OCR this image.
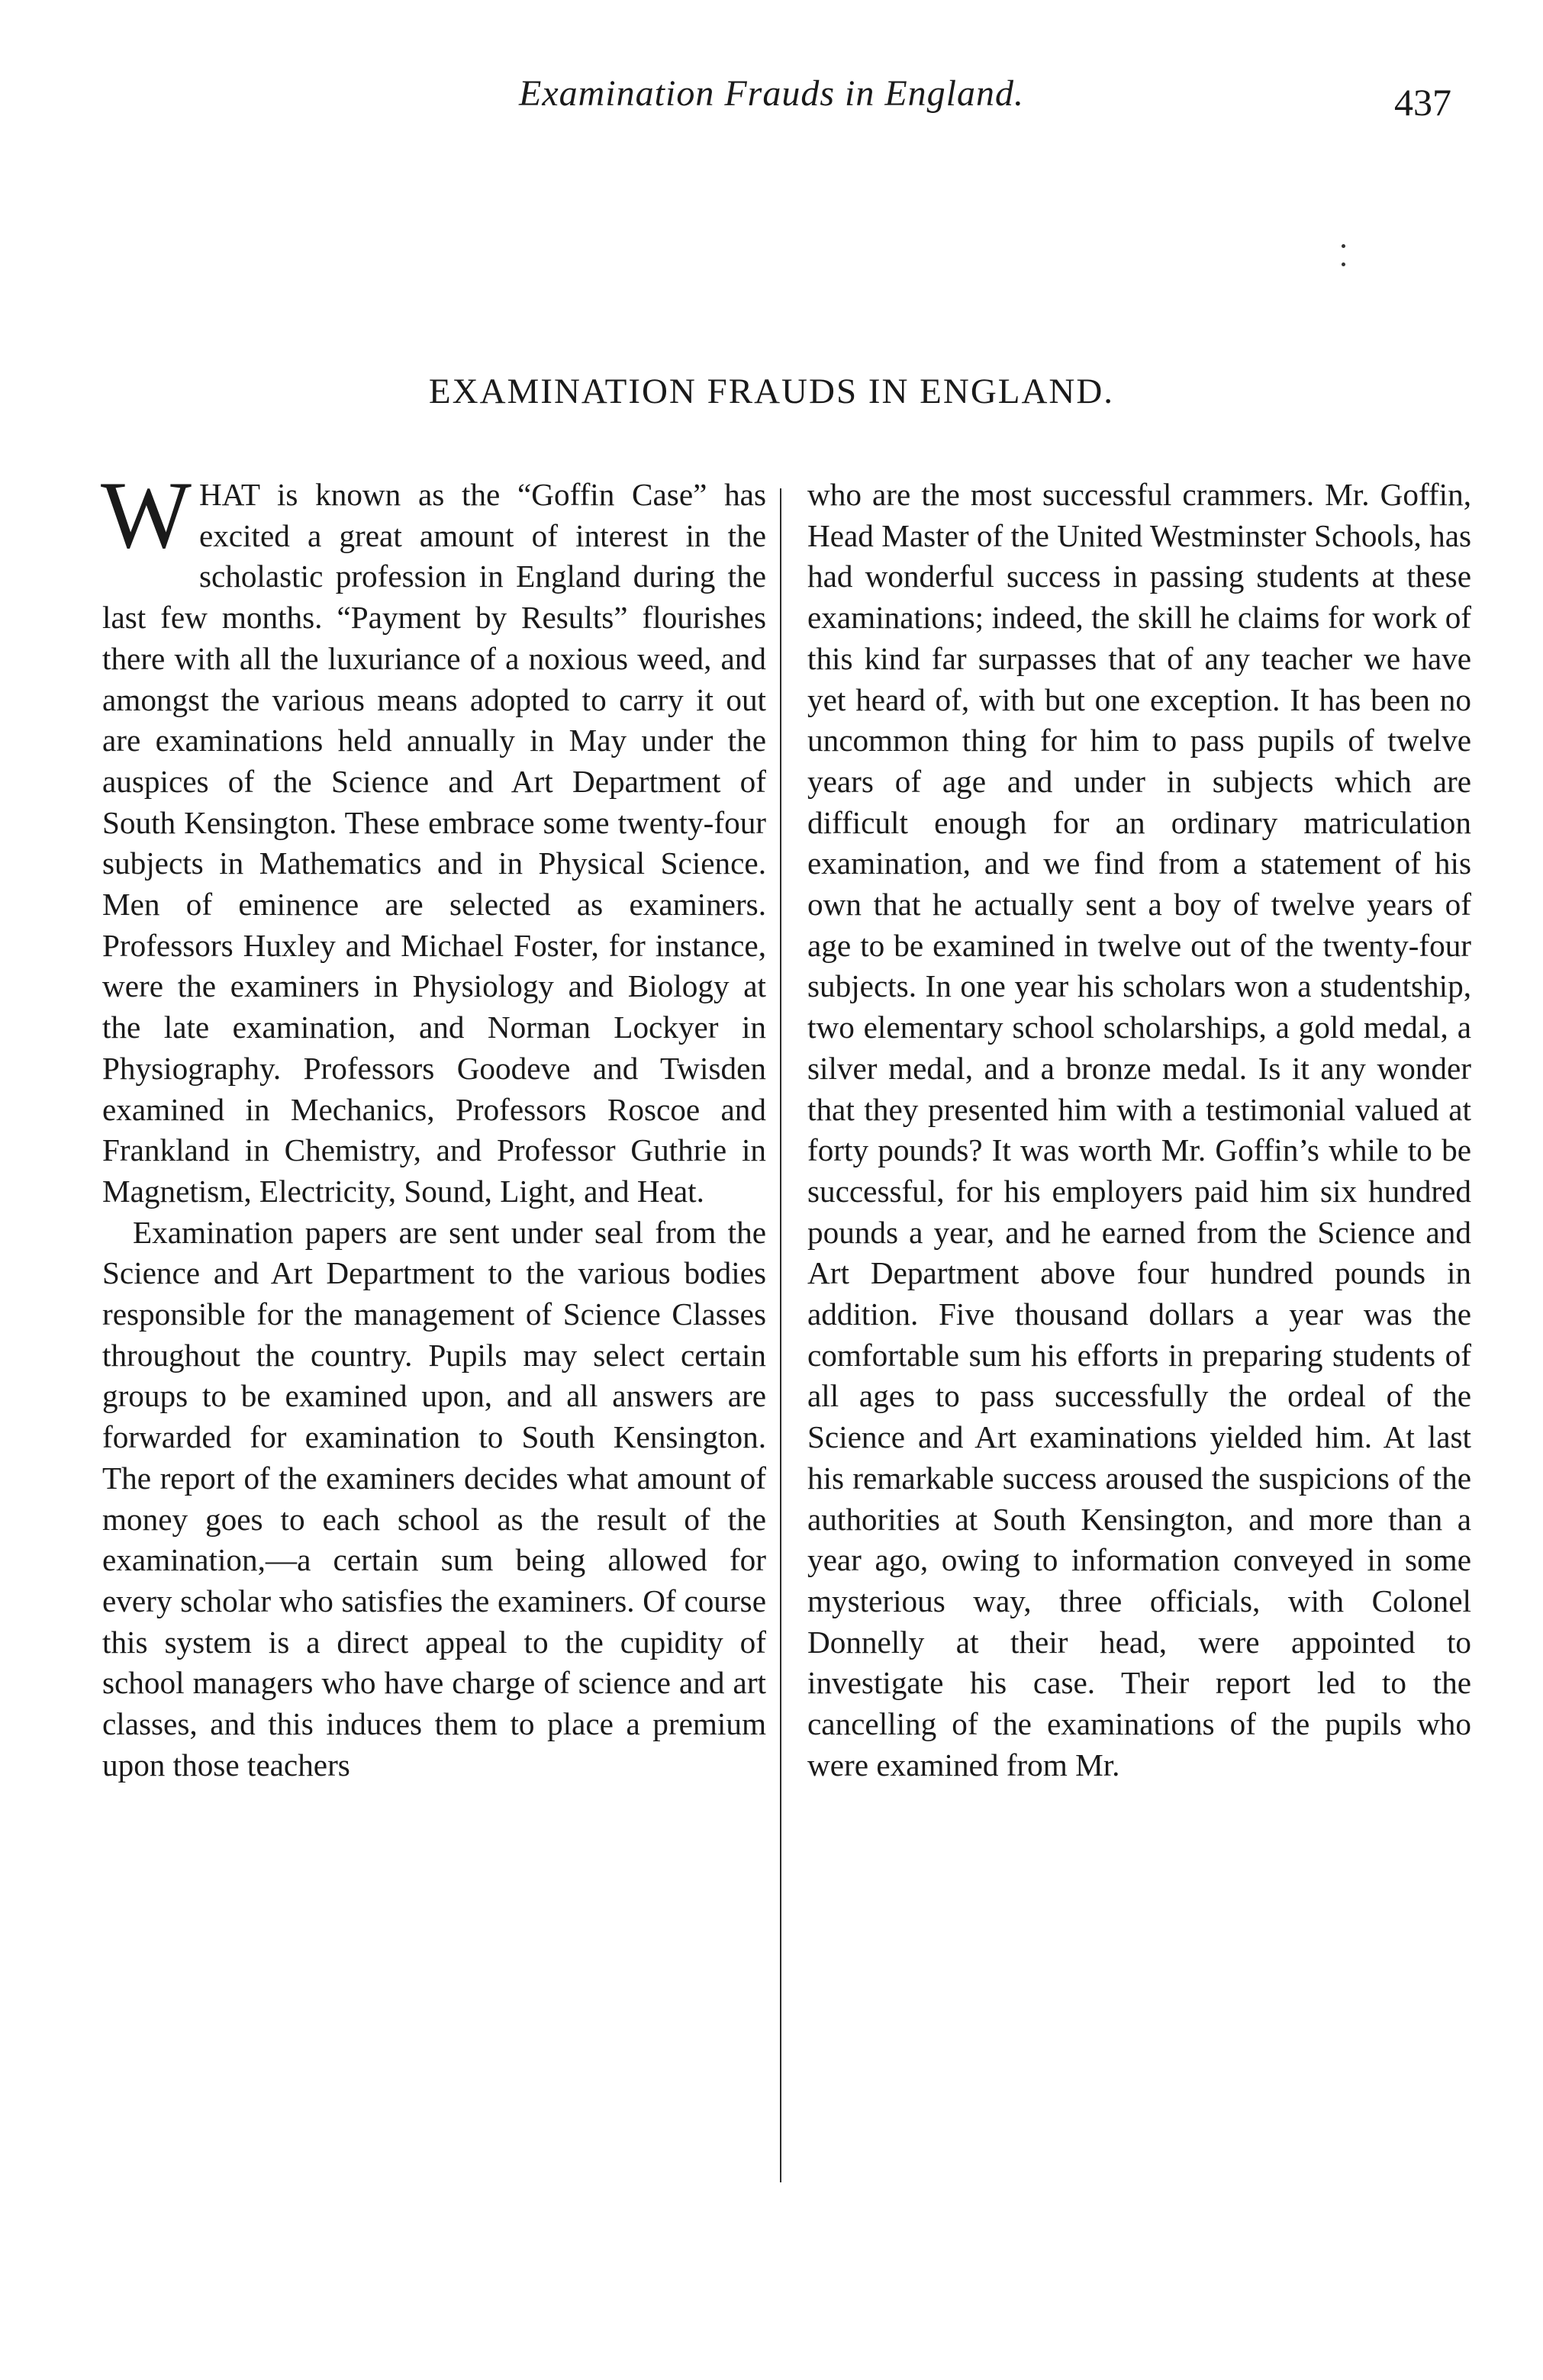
Examination Frauds in England.	437
EXAMINATION FRAUDS IN ENGLAND.

WHAT is known as the “Goffin Case” has excited a great amount of interest in the scholastic profession in England during the last few months. “Payment by Results” flourishes there with all the luxuriance of a noxious weed, and amongst the various means adopted to carry it out are examinations held annually in May under the auspices of the Science and Art Department of South Kensington. These embrace some twenty-four subjects in Mathematics and in Physical Science. Men of eminence are selected as examiners. Professors Huxley and Michael Foster, for instance, were the examiners in Physiology and Biology at the late examination, and Norman Lockyer in Physiography. Professors Goodeve and Twisden examined in Mechanics, Professors Roscoe and Frankland in Chemistry, and Professor Guthrie in Magnetism, Electricity, Sound, Light, and Heat.

Examination papers are sent under seal from the Science and Art Department to the various bodies responsible for the management of Science Classes throughout the country. Pupils may select certain groups to be examined upon, and all answers are forwarded for examination to South Kensington. The report of the examiners decides what amount of money goes to each school as the result of the examination,—a certain sum being allowed for every scholar who satisfies the examiners. Of course this system is a direct appeal to the cupidity of school managers who have charge of science and art classes, and this induces them to place a premium upon those teachers

who are the most successful crammers. Mr. Goffin, Head Master of the United Westminster Schools, has had wonderful success in passing students at these examinations; indeed, the skill he claims for work of this kind far surpasses that of any teacher we have yet heard of, with but one exception. It has been no uncommon thing for him to pass pupils of twelve years of age and under in subjects which are difficult enough for an ordinary matriculation examination, and we find from a statement of his own that he actually sent a boy of twelve years of age to be examined in twelve out of the twenty-four subjects. In one year his scholars won a studentship, two elementary school scholarships, a gold medal, a silver medal, and a bronze medal. Is it any wonder that they presented him with a testimonial valued at forty pounds? It was worth Mr. Goffin’s while to be successful, for his employers paid him six hundred pounds a year, and he earned from the Science and Art Department above four hundred pounds in addition. Five thousand dollars a year was the comfortable sum his efforts in preparing students of all ages to pass successfully the ordeal of the Science and Art examinations yielded him. At last his remarkable success aroused the suspicions of the authorities at South Kensington, and more than a year ago, owing to information conveyed in some mysterious way, three officials, with Colonel Donnelly at their head, were appointed to investigate his case. Their report led to the cancelling of the examinations of the pupils who were examined from Mr.
